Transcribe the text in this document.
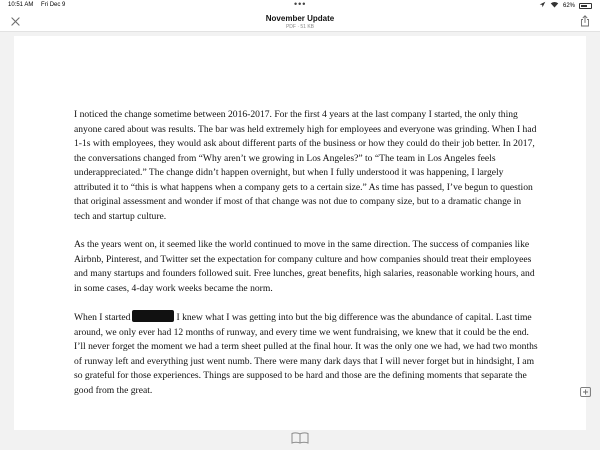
10:51 AM Fri Dec 9	•••	62%
November Update
PDF · 51 KB

I noticed the change sometime between 2016-2017. For the first 4 years at the last company I started, the only thing anyone cared about was results. The bar was held extremely high for employees and everyone was grinding. When I had 1-1s with employees, they would ask about different parts of the business or how they could do their job better. In 2017, the conversations changed from “Why aren’t we growing in Los Angeles?” to “The team in Los Angeles feels underappreciated.” The change didn’t happen overnight, but when I fully understood it was happening, I largely attributed it to “this is what happens when a company gets to a certain size.” As time has passed, I’ve begun to question that original assessment and wonder if most of that change was not due to company size, but to a dramatic change in tech and startup culture.

As the years went on, it seemed like the world continued to move in the same direction. The success of companies like Airbnb, Pinterest, and Twitter set the expectation for company culture and how companies should treat their employees and many startups and founders followed suit. Free lunches, great benefits, high salaries, reasonable working hours, and in some cases, 4-day work weeks became the norm.

When I started	I knew what I was getting into but the big difference was the abundance of capital. Last time around, we only ever had 12 months of runway, and every time we went fundraising, we knew that it could be the end. I’ll never forget the moment we had a term sheet pulled at the final hour. It was the only one we had, we had two months of runway left and everything just went numb. There were many dark days that I will never forget but in hindsight, I am so grateful for those experiences. Things are supposed to be hard and those are the defining moments that separate the good from the great.
